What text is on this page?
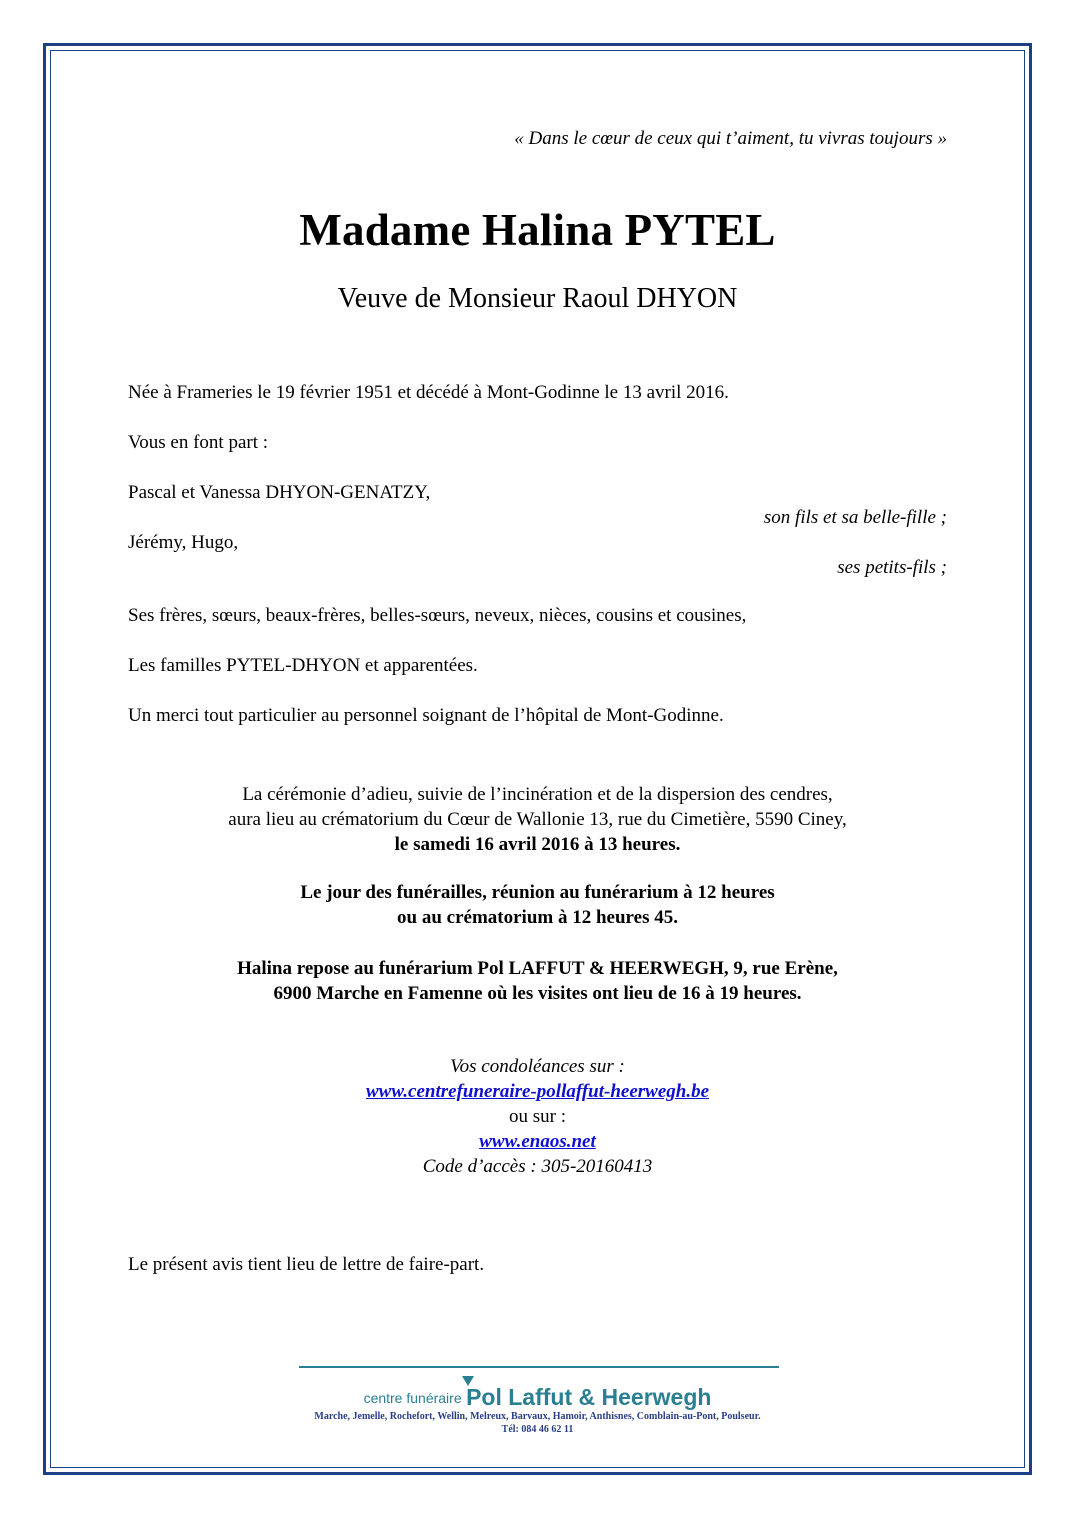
« Dans le cœur de ceux qui t’aiment, tu vivras toujours »
Madame Halina PYTEL
Veuve de Monsieur Raoul DHYON
Née à Frameries le 19 février 1951 et décédé à Mont-Godinne le 13 avril 2016.
Vous en font part :
Pascal et Vanessa DHYON-GENATZY,
son fils et sa belle-fille ;
Jérémy, Hugo,
ses petits-fils ;
Ses frères, sœurs, beaux-frères, belles-sœurs, neveux, nièces, cousins et cousines,
Les familles PYTEL-DHYON et apparentées.
Un merci tout particulier au personnel soignant de l’hôpital de Mont-Godinne.
La cérémonie d’adieu, suivie de l’incinération et de la dispersion des cendres,
aura lieu au crématorium du Cœur de Wallonie 13, rue du Cimetière, 5590 Ciney,
le samedi 16 avril 2016 à 13 heures.
Le jour des funérailles, réunion au funérarium à 12 heures
ou au crématorium à 12 heures 45.
Halina repose au funérarium Pol LAFFUT & HEERWEGH, 9, rue Erène,
6900 Marche en Famenne où les visites ont lieu de 16 à 19 heures.
Vos condoléances sur :
www.centrefuneraire-pollaffut-heerwegh.be
ou sur :
www.enaos.net
Code d’accès : 305-20160413
Le présent avis tient lieu de lettre de faire-part.
centre funéraire Pol Laffut & Heerwegh
Marche, Jemelle, Rochefort, Wellin, Melreux, Barvaux, Hamoir, Anthisnes, Comblain-au-Pont, Poulseur.
Tél: 084 46 62 11
